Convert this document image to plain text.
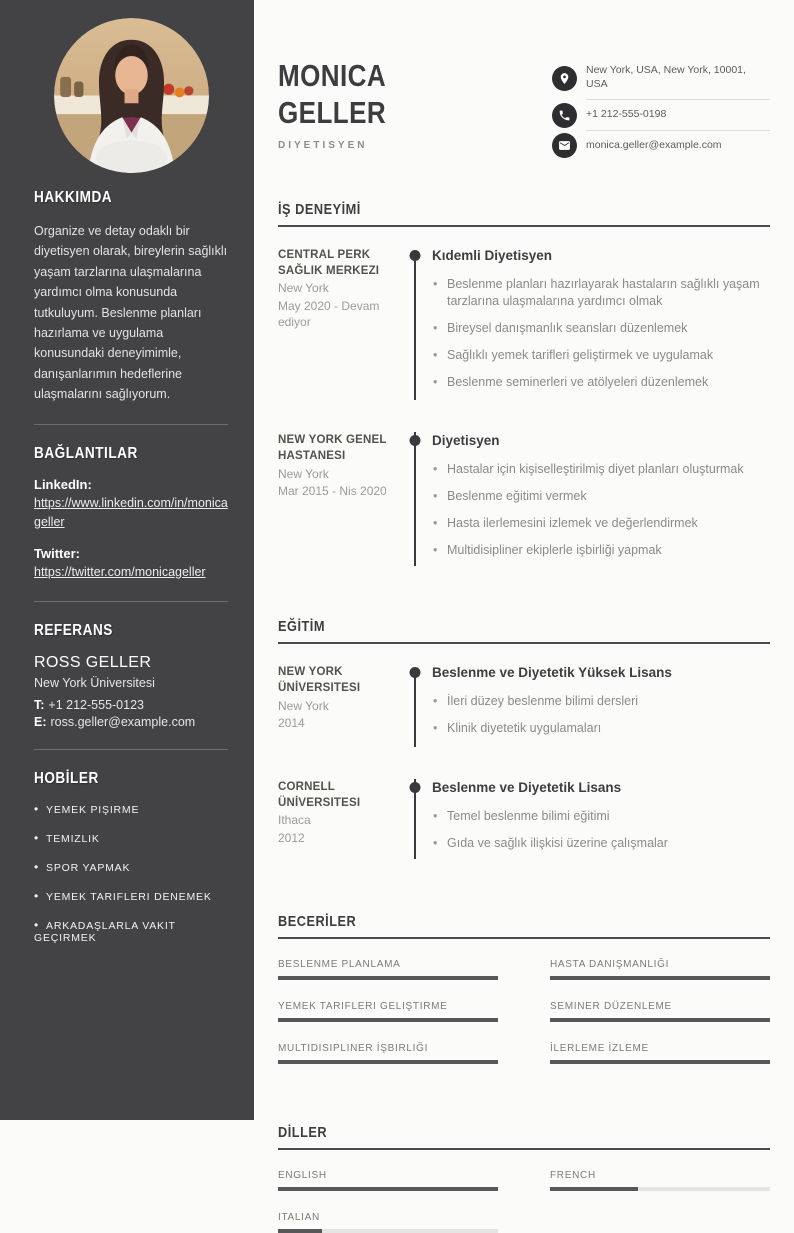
HAKKIMDA

Organize ve detay odaklı bir diyetisyen olarak, bireylerin sağlıklı yaşam tarzlarına ulaşmalarına yardımcı olma konusunda tutkuluyum. Beslenme planları hazırlama ve uygulama konusundaki deneyimimle, danışanlarımın hedeflerine ulaşmalarını sağlıyorum.

BAĞLANTILAR
LinkedIn:
https://www.linkedin.com/in/monicageller
Twitter:
https://twitter.com/monicageller
REFERANS
ROSS GELLER
New York Üniversitesi
T: +1 212-555-0123
E: ross.geller@example.com
HOBİLER
• YEMEK PIŞIRME
• TEMIZLIK
• SPOR YAPMAK
• YEMEK TARIFLERI DENEMEK
• ARKADAŞLARLA VAKIT GEÇIRMEK
MONICA
GELLER
DIYETISYEN
New York, USA, New York, 10001, USA
+1 212-555-0198
monica.geller@example.com
İŞ DENEYİMİ
CENTRAL PERK SAĞLIK MERKEZI
New York
May 2020 - Devam ediyor
Kıdemli Diyetisyen
• Beslenme planları hazırlayarak hastaların sağlıklı yaşam tarzlarına ulaşmalarına yardımcı olmak
• Bireysel danışmanlık seansları düzenlemek
• Sağlıklı yemek tarifleri geliştirmek ve uygulamak
• Beslenme seminerleri ve atölyeleri düzenlemek
NEW YORK GENEL HASTANESI
New York
Mar 2015 - Nis 2020
Diyetisyen
• Hastalar için kişiselleştirilmiş diyet planları oluşturmak
• Beslenme eğitimi vermek
• Hasta ilerlemesini izlemek ve değerlendirmek
• Multidisipliner ekiplerle işbirliği yapmak
EĞİTİM
NEW YORK ÜNİVERSITESI
New York
2014
Beslenme ve Diyetetik Yüksek Lisans
• İleri düzey beslenme bilimi dersleri
• Klinik diyetetik uygulamaları
CORNELL ÜNİVERSITESI
Ithaca
2012
Beslenme ve Diyetetik Lisans
• Temel beslenme bilimi eğitimi
• Gıda ve sağlık ilişkisi üzerine çalışmalar
BECERİLER
BESLENME PLANLAMA	HASTA DANIŞMANLIĞI
YEMEK TARIFLERI GELIŞTIRME	SEMINER DÜZENLEME
MULTIDISIPLINER İŞBIRLIĞI	İLERLEME İZLEME
DİLLER
ENGLISH	FRENCH
ITALIAN
